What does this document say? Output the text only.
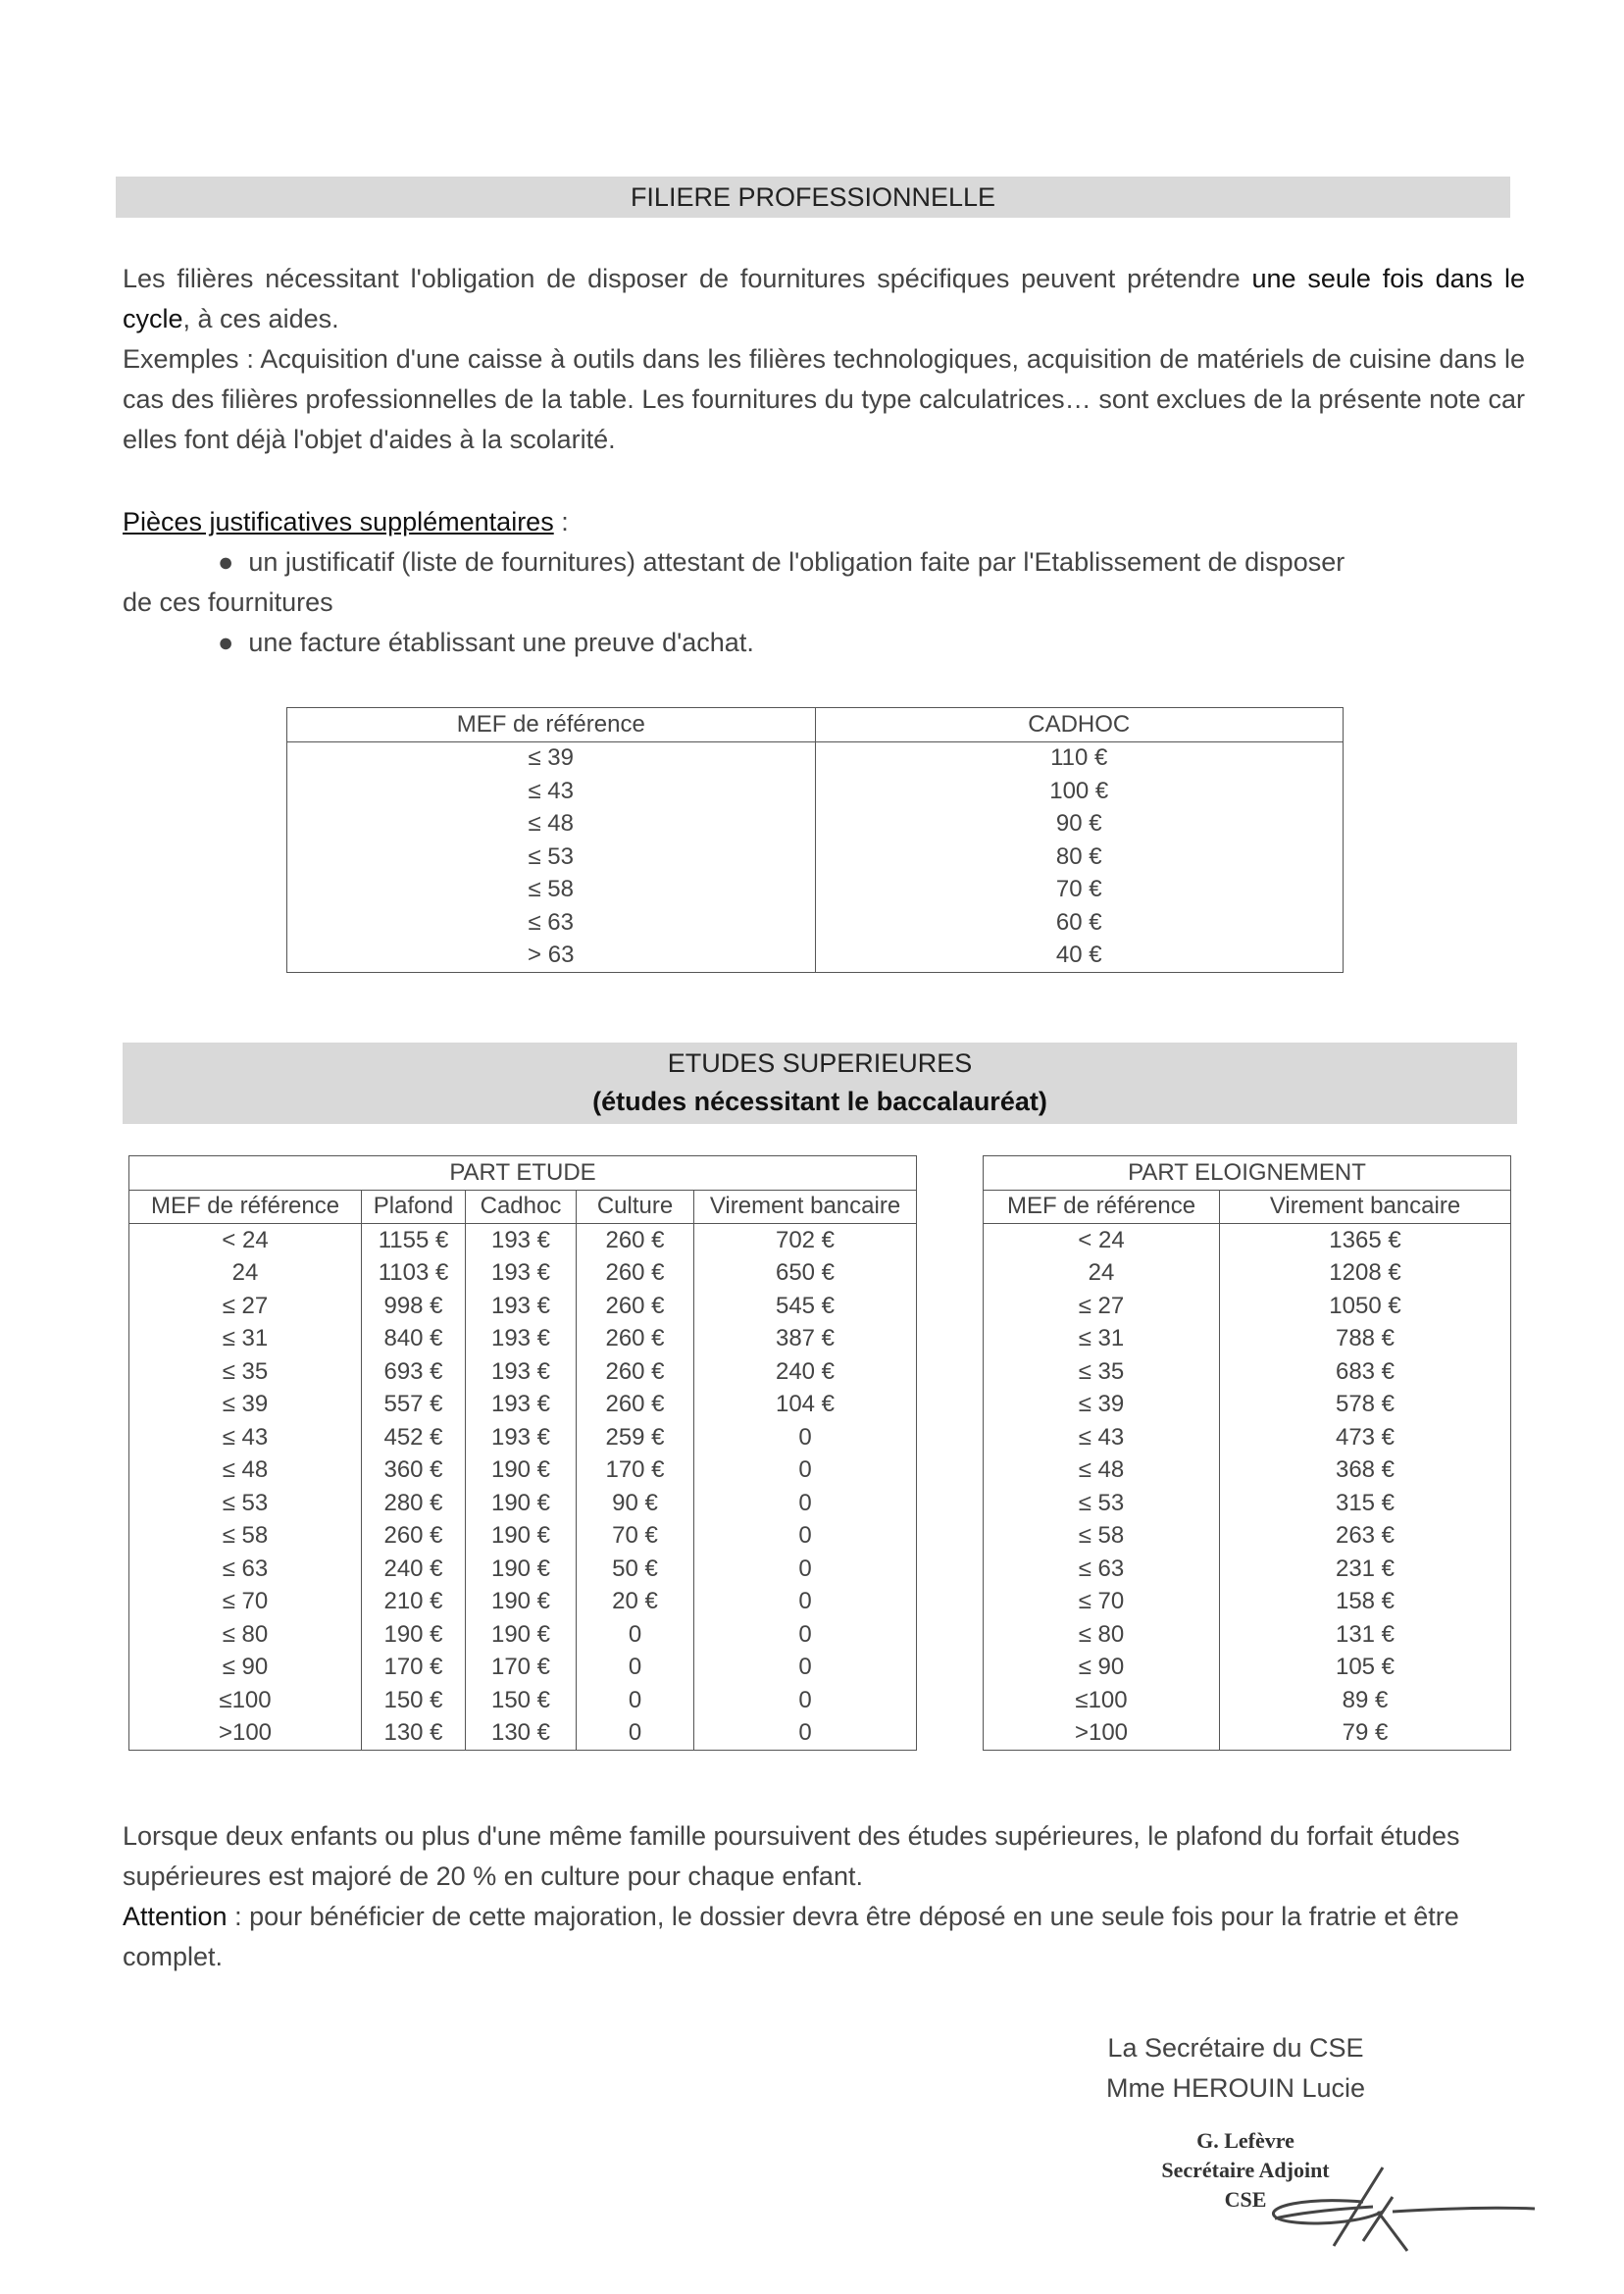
FILIERE PROFESSIONNELLE
Les filières nécessitant l'obligation de disposer de fournitures spécifiques peuvent prétendre une seule fois dans le cycle, à ces aides.
Exemples : Acquisition d'une caisse à outils dans les filières technologiques, acquisition de matériels de cuisine dans le cas des filières professionnelles de la table. Les fournitures du type calculatrices… sont exclues de la présente note car elles font déjà l'objet d'aides à la scolarité.
Pièces justificatives supplémentaires :
●  un justificatif (liste de fournitures) attestant de l'obligation faite par l'Etablissement de disposer
de ces fournitures
●  une facture établissant une preuve d'achat.
MEF de référence	CADHOC
≤ 39	110 €
≤ 43	100 €
≤ 48	90 €
≤ 53	80 €
≤ 58	70 €
≤ 63	60 €
> 63	40 €
ETUDES SUPERIEURES
(études nécessitant le baccalauréat)
PART ETUDE				
MEF de référence	Plafond	Cadhoc	Culture	Virement bancaire
< 24	1155 €	193 €	260 €	702 €
24	1103 €	193 €	260 €	650 €
≤ 27	998 €	193 €	260 €	545 €
≤ 31	840 €	193 €	260 €	387 €
≤ 35	693 €	193 €	260 €	240 €
≤ 39	557 €	193 €	260 €	104 €
≤ 43	452 €	193 €	259 €	0
≤ 48	360 €	190 €	170 €	0
≤ 53	280 €	190 €	90 €	0
≤ 58	260 €	190 €	70 €	0
≤ 63	240 €	190 €	50 €	0
≤ 70	210 €	190 €	20 €	0
≤ 80	190 €	190 €	0	0
≤ 90	170 €	170 €	0	0
≤100	150 €	150 €	0	0
>100	130 €	130 €	0	0
PART ELOIGNEMENT	
MEF de référence	Virement bancaire
< 24	1365 €
24	1208 €
≤ 27	1050 €
≤ 31	788 €
≤ 35	683 €
≤ 39	578 €
≤ 43	473 €
≤ 48	368 €
≤ 53	315 €
≤ 58	263 €
≤ 63	231 €
≤ 70	158 €
≤ 80	131 €
≤ 90	105 €
≤100	89 €
>100	79 €
Lorsque deux enfants ou plus d'une même famille poursuivent des études supérieures, le plafond du forfait études supérieures est majoré de 20 % en culture pour chaque enfant.
Attention : pour bénéficier de cette majoration, le dossier devra être déposé en une seule fois pour la fratrie et être complet.
La Secrétaire du CSE
Mme HEROUIN Lucie
G. Lefèvre
Secrétaire Adjoint
CSE
